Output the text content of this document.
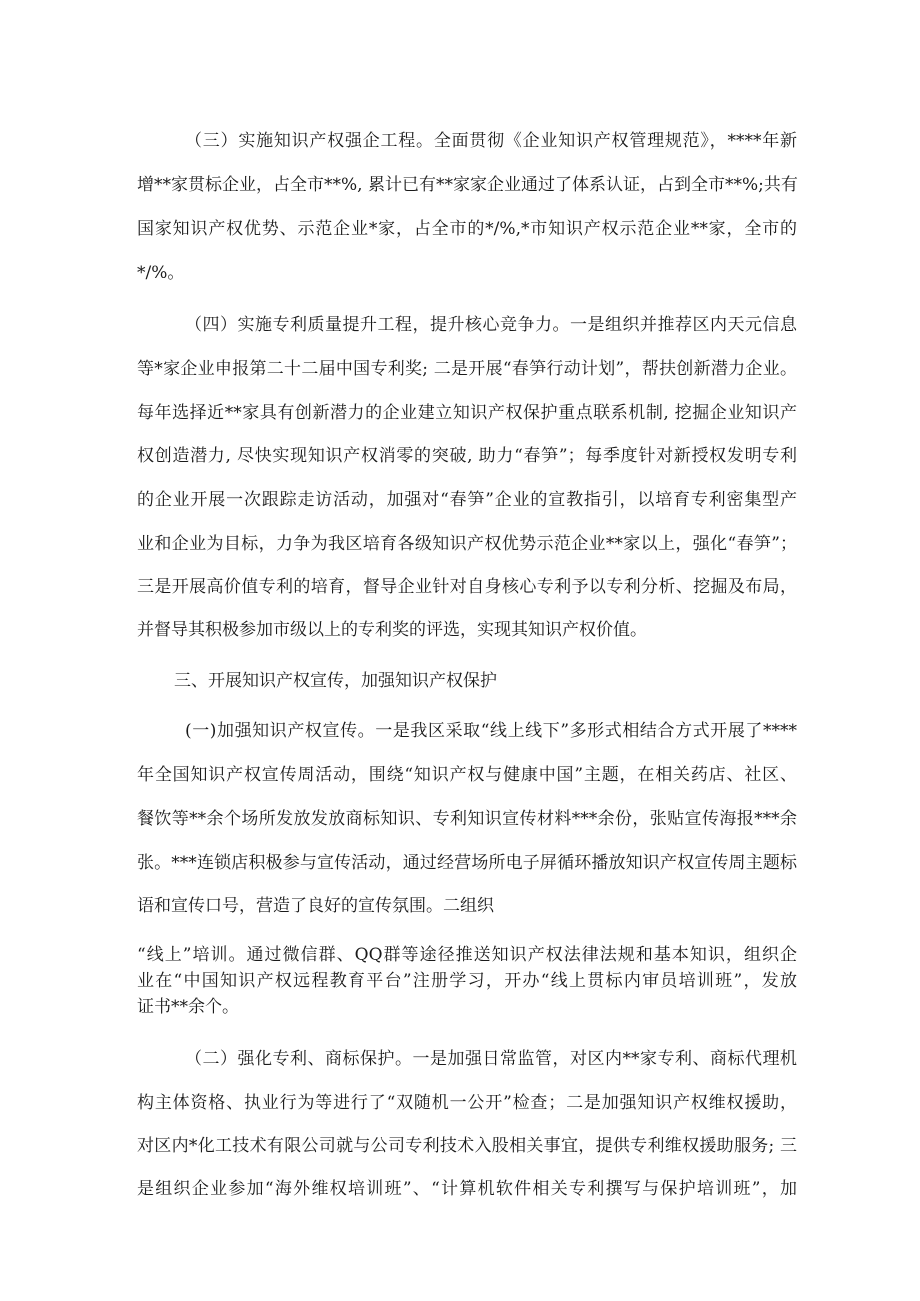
（三）实施知识产权强企工程。全面贯彻《企业知识产权管理规范》，****年新
增**家贯标企业，占全市**%, 累计已有**家家企业通过了体系认证，占到全市**%;共有
国家知识产权优势、示范企业*家，占全市的*/%,*市知识产权示范企业**家，全市的
*/%。
（四）实施专利质量提升工程，提升核心竞争力。一是组织并推荐区内天元信息
等*家企业申报第二十二届中国专利奖; 二是开展“春笋行动计划”，帮扶创新潜力企业。
每年选择近**家具有创新潜力的企业建立知识产权保护重点联系机制, 挖掘企业知识产
权创造潜力, 尽快实现知识产权消零的突破, 助力“春笋”；每季度针对新授权发明专利
的企业开展一次跟踪走访活动，加强对“春笋”企业的宣教指引，以培育专利密集型产
业和企业为目标，力争为我区培育各级知识产权优势示范企业**家以上，强化“春笋”；
三是开展高价值专利的培育，督导企业针对自身核心专利予以专利分析、挖掘及布局，
并督导其积极参加市级以上的专利奖的评选，实现其知识产权价值。
三、开展知识产权宣传，加强知识产权保护
(一)加强知识产权宣传。一是我区采取“线上线下”多形式相结合方式开展了****
年全国知识产权宣传周活动，围绕“知识产权与健康中国”主题，在相关药店、社区、
餐饮等**余个场所发放发放商标知识、专利知识宣传材料***余份，张贴宣传海报***余
张。***连锁店积极参与宣传活动，通过经营场所电子屏循环播放知识产权宣传周主题标
语和宣传口号，营造了良好的宣传氛围。二组织
“线上”培训。通过微信群、QQ群等途径推送知识产权法律法规和基本知识，组织企
业在“中国知识产权远程教育平台”注册学习，开办“线上贯标内审员培训班”，发放
证书**余个。
（二）强化专利、商标保护。一是加强日常监管，对区内**家专利、商标代理机
构主体资格、执业行为等进行了“双随机一公开”检查；二是加强知识产权维权援助，
对区内*化工技术有限公司就与公司专利技术入股相关事宜，提供专利维权援助服务; 三
是组织企业参加“海外维权培训班”、“计算机软件相关专利撰写与保护培训班”，加
